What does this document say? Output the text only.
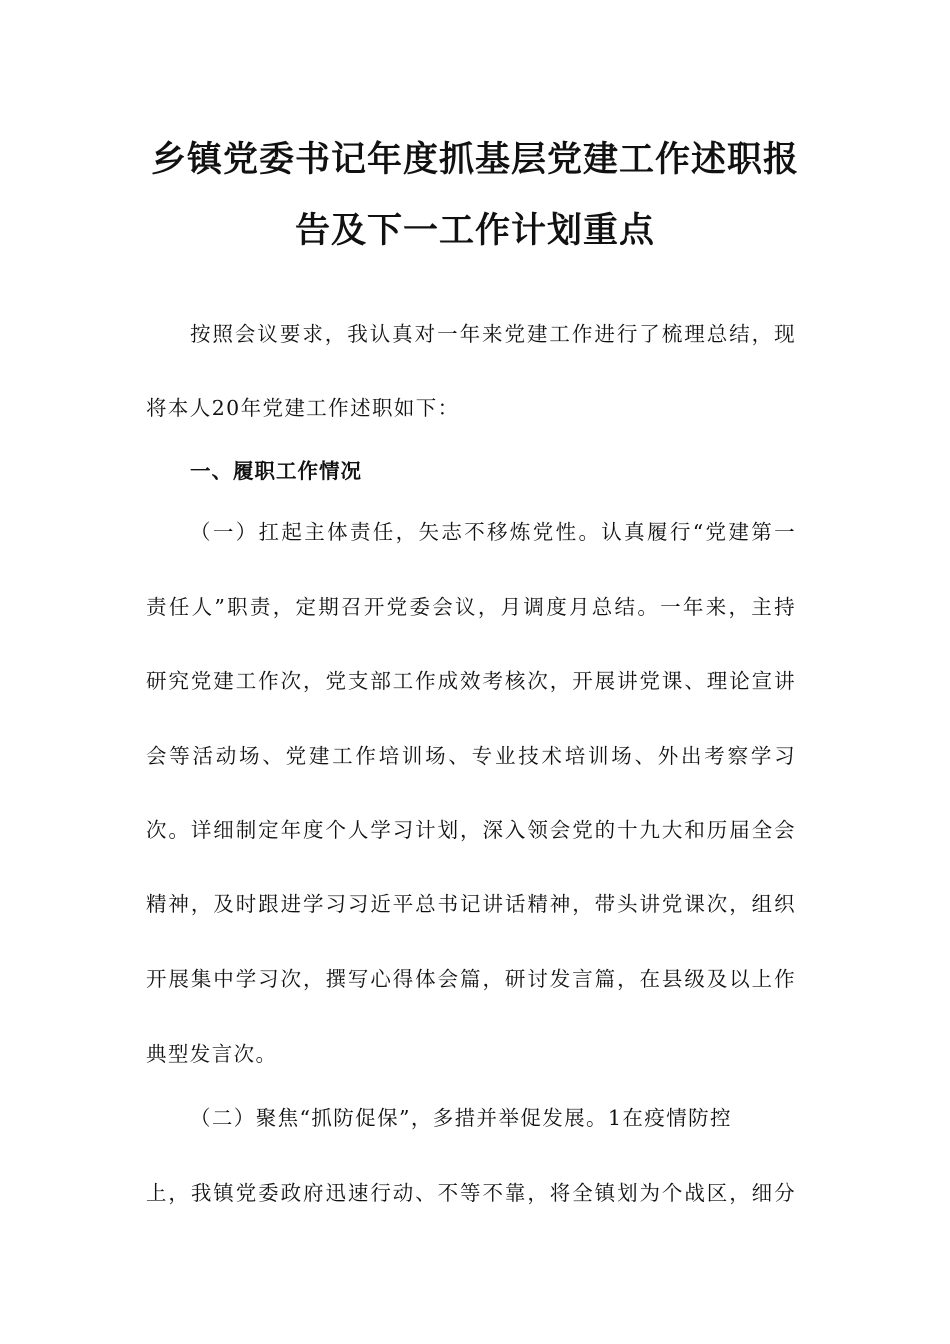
乡镇党委书记年度抓基层党建工作述职报
告及下一工作计划重点
按照会议要求，我认真对一年来党建工作进行了梳理总结，现
将本人20年党建工作述职如下：
一、履职工作情况
（一）扛起主体责任，矢志不移炼党性。认真履行“党建第一
责任人”职责，定期召开党委会议，月调度月总结。一年来，主持
研究党建工作次，党支部工作成效考核次，开展讲党课、理论宣讲
会等活动场、党建工作培训场、专业技术培训场、外出考察学习
次。详细制定年度个人学习计划，深入领会党的十九大和历届全会
精神，及时跟进学习习近平总书记讲话精神，带头讲党课次，组织
开展集中学习次，撰写心得体会篇，研讨发言篇，在县级及以上作
典型发言次。
（二）聚焦“抓防促保”，多措并举促发展。1在疫情防控
上，我镇党委政府迅速行动、不等不靠，将全镇划为个战区，细分
